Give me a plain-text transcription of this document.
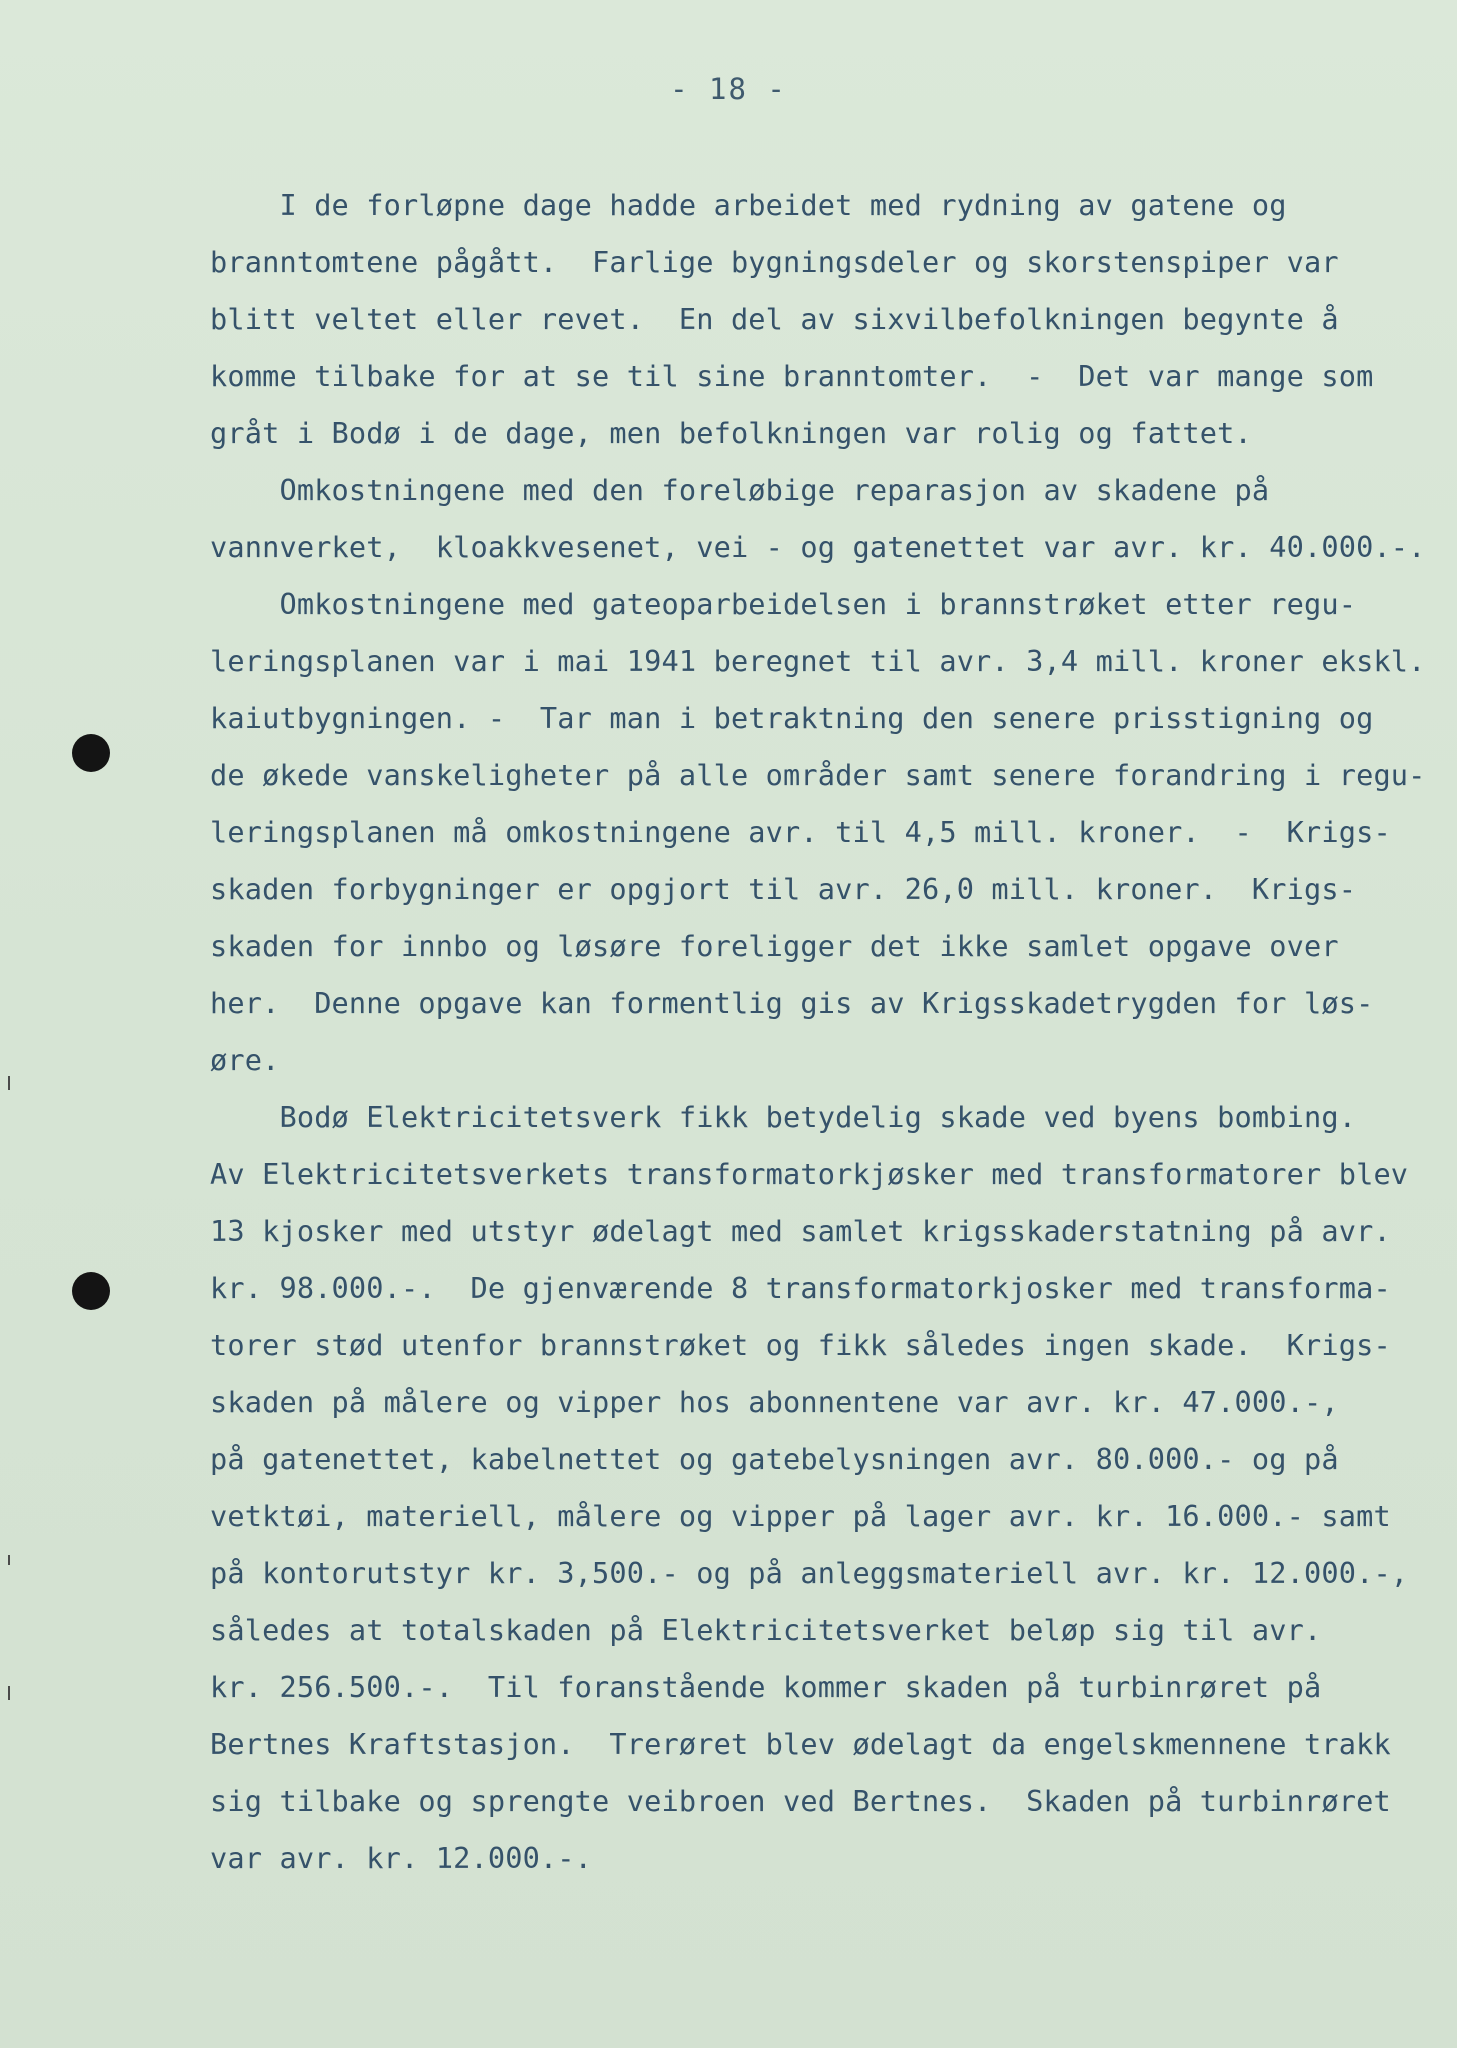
- 18 -
I de forløpne dage hadde arbeidet med rydning av gatene og
branntomtene pågått.  Farlige bygningsdeler og skorstenspiper var
blitt veltet eller revet.  En del av sixvilbefolkningen begynte å
komme tilbake for at se til sine branntomter.  -  Det var mange som
gråt i Bodø i de dage, men befolkningen var rolig og fattet.
Omkostningene med den foreløbige reparasjon av skadene på
vannverket,  kloakkvesenet, vei - og gatenettet var avr. kr. 40.000.-.
Omkostningene med gateoparbeidelsen i brannstrøket etter regu-
leringsplanen var i mai 1941 beregnet til avr. 3,4 mill. kroner ekskl.
kaiutbygningen. -  Tar man i betraktning den senere prisstigning og
de økede vanskeligheter på alle områder samt senere forandring i regu-
leringsplanen må omkostningene avr. til 4,5 mill. kroner.  -  Krigs-
skaden forbygninger er opgjort til avr. 26,0 mill. kroner.  Krigs-
skaden for innbo og løsøre foreligger det ikke samlet opgave over
her.  Denne opgave kan formentlig gis av Krigsskadetrygden for løs-
øre.
Bodø Elektricitetsverk fikk betydelig skade ved byens bombing.
Av Elektricitetsverkets transformatorkjøsker med transformatorer blev
13 kjosker med utstyr ødelagt med samlet krigsskaderstatning på avr.
kr. 98.000.-.  De gjenværende 8 transformatorkjosker med transforma-
torer stød utenfor brannstrøket og fikk således ingen skade.  Krigs-
skaden på målere og vipper hos abonnentene var avr. kr. 47.000.-,
på gatenettet, kabelnettet og gatebelysningen avr. 80.000.- og på
vetktøi, materiell, målere og vipper på lager avr. kr. 16.000.- samt
på kontorutstyr kr. 3,500.- og på anleggsmateriell avr. kr. 12.000.-,
således at totalskaden på Elektricitetsverket beløp sig til avr.
kr. 256.500.-.  Til foranstående kommer skaden på turbinrøret på
Bertnes Kraftstasjon.  Trerøret blev ødelagt da engelskmennene trakk
sig tilbake og sprengte veibroen ved Bertnes.  Skaden på turbinrøret
var avr. kr. 12.000.-.
